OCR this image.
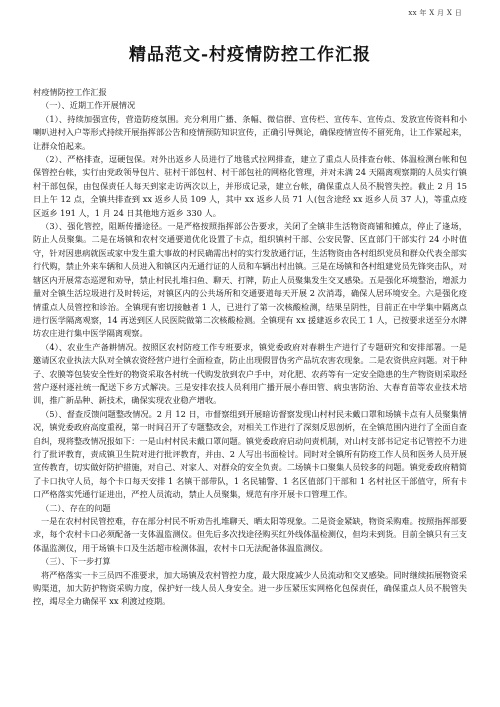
xx 年 X 月 X 日
精品范文-村疫情防控工作汇报

村疫情防控工作汇报

（一）、近期工作开展情况

（1）、持续加强宣传，营造防疫氛围。充分利用广播、条幅、微信群、宣传栏、宣传车、宣传点、发放宣传资料和小喇叭进村入户等形式持续开展指挥部公告和疫情预防知识宣传，正确引导舆论，确保疫情宣传不留死角，让工作紧起来，让群众怕起来。

（2）、严格排查，逗硬包保。对外出返乡人员进行了地毯式拉网排查，建立了重点人员排查台帐、体温检测台帐和包保管控台帐，实行由党政领导包片、驻村干部包村、村干部包社的网格化管理，并对未满 24 天隔离观察期的人员实行镇村干部包保，由包保责任人每天到家走访两次以上，并形成记录，建立台帐，确保重点人员不脱管失控。截止 2 月 15 日上午 12 点，全镇共排查到 xx 返乡人员 109 人，其中 xx 返乡人员 71 人(包含途经 xx 返乡人员 37 人)，等重点疫区返乡 191 人，1 月 24 日其他地方返乡 330 人。

（3）、强化管控，阻断传播途径。一是严格按照指挥部公告要求，关闭了全镇非生活物资商铺和摊点，停止了逢场，防止人员聚集。二是在场镇和农村交通要道优化设置了卡点，组织镇村干部、公安民警、区直部门干部实行 24 小时值守，针对因患病就医或家中发生重大事故的村民确需出村的实行发放通行证，生活物资由各村组织党员和群众代表全部实行代购，禁止外来车辆和人员进入和镇区内无通行证的人员和车辆出村出镇。三是在场镇和各村组建党员先锋突击队，对辖区内开展常态巡逻和劝导，禁止村民扎堆扫鱼、聊天、打牌，防止人员聚集发生交叉感染。五是强化环境整治，增派力量对全镇生活垃圾进行及时转运，对镇区内的公共场所和交通要道每天开展 2 次消毒，确保人居环境安全。六是强化疫情重点人员管控和诊治。全镇现有密切接触者 1 人，已进行了第一次核酸检测，结果呈阴性，目前正在中学集中隔离点进行医学隔离观察，14 再送到区人民医院做第二次核酸检测。全镇现有 xx 援建返乡农民工 1 人，已按要求送至分水牌坊农庄进行集中医学隔离观察。

（4）、农业生产备耕情况。按照区农村防疫工作专班要求，镇党委政府对春耕生产进行了专题研究和安排部署。一是邀请区农业执法大队对全镇农资经营户进行全面检查，防止出现假冒伪劣产品坑农害农现象。二是农资供应问题。对于种子、农膜等包装安全性好的物资采取各村统一代购发放到农户手中，对化肥、农药等有一定安全隐患的生产物资则采取经营户逐村逐社统一配送下乡方式解决。三是安排农技人员利用广播开展小春田管、病虫害防治、大春育苗等农业技术培训，推广新品种、新技术，确保实现农业稳产增收。

（5）、督查反馈问题整改情况。2 月 12 日，市督察组到开展暗访督察发现山村村民未戴口罩和场镇卡点有人员聚集情况，镇党委政府高度重视，第一时间召开了专题整改会，对相关工作进行了深刻反思剖析，在全镇范围内进行了全面自查自纠，现将整改情况报如下：一是山村村民未戴口罩问题。镇党委政府启动问责机制，对山村支部书记定书记管控不力进行了批评教育，责成镇卫生院对进行批评教育，并由、2 人写出书面检讨。同时对全镇所有防疫工作人员和医务人员开展宣传教育，切实做好防护措施，对自己、对家人、对群众的安全负责。二场镇卡口聚集人员较多的问题。镇党委政府精简了卡口执守人员，每个卡口每天安排 1 名镇干部带队，1 名民辅警、1 名区值部门干部和 1 名村社区干部值守，所有卡口严格落实凭通行证进出，严控人员流动，禁止人员聚集，规范有序开展卡口管理工作。

（二）、存在的问题

一是在农村村民管控难，存在部分村民不听劝告扎堆聊天、晒太阳等现象。二是资金紧缺，物资采购难。按照指挥部要求，每个农村卡口必须配备一支体温监测仪。但先后多次找途径购买红外线体温检测仪，但均未到货。目前全镇只有三支体温监测仪，用于场镇卡口及生活超市检测体温，农村卡口无法配备体温监测仪。

（三）、下一步打算

将严格落实一卡三员四不准要求，加大场镇及农村管控力度，最大限度减少人员流动和交叉感染。同时继续拓展物资采购渠道，加大防护物资采购力度，保护好一线人员人身安全。进一步压紧压实网格化包保责任，确保重点人员不脱管失控，竭尽全力确保平 xx 利渡过疫期。
